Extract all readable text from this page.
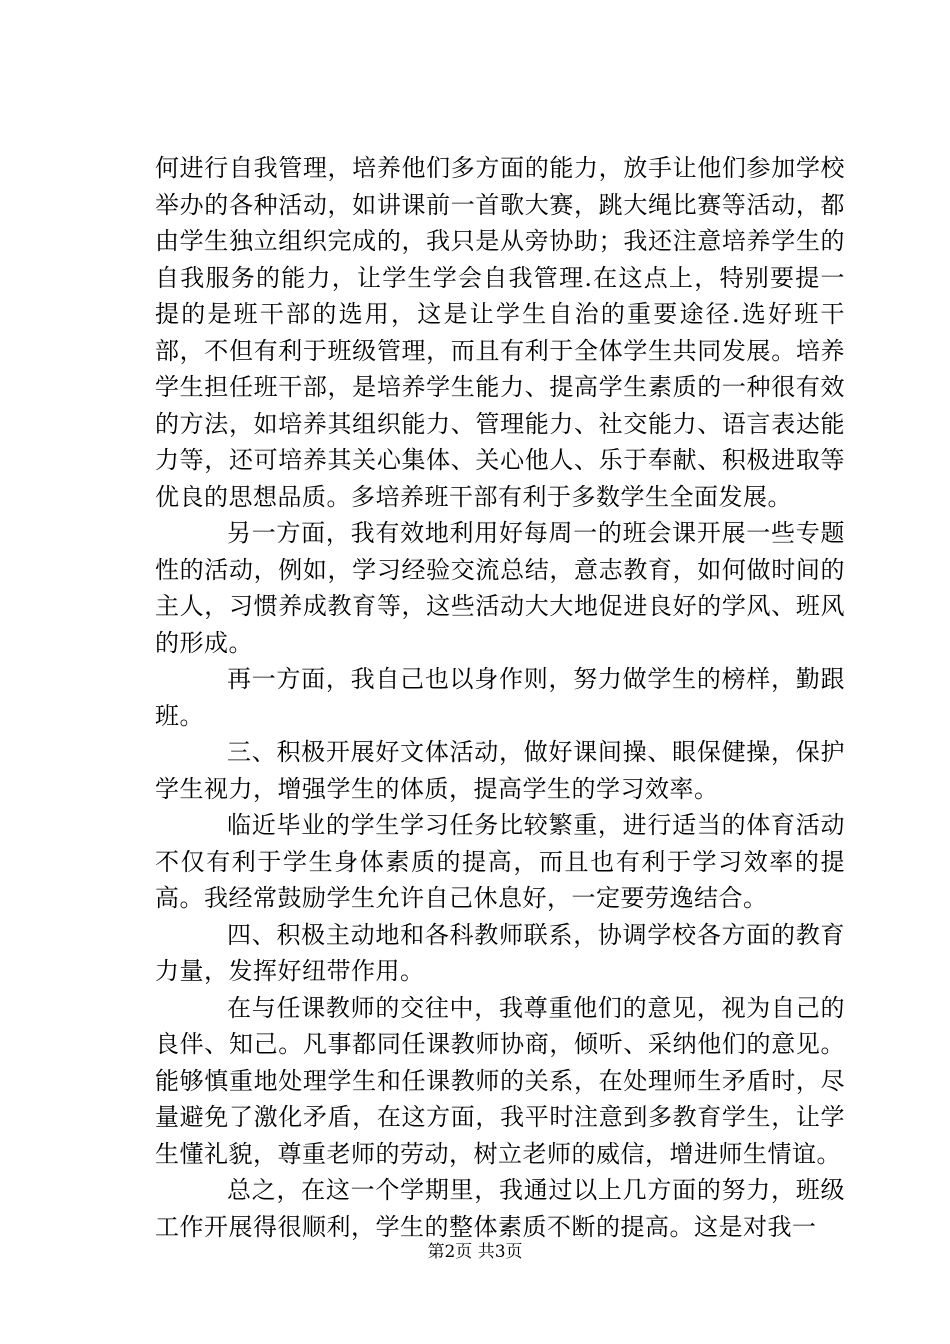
何进行自我管理，培养他们多方面的能力，放手让他们参加学校举办的各种活动，如讲课前一首歌大赛，跳大绳比赛等活动，都由学生独立组织完成的，我只是从旁协助；我还注意培养学生的自我服务的能力，让学生学会自我管理.在这点上，特别要提一提的是班干部的选用，这是让学生自治的重要途径.选好班干部，不但有利于班级管理，而且有利于全体学生共同发展。培养学生担任班干部，是培养学生能力、提高学生素质的一种很有效的方法，如培养其组织能力、管理能力、社交能力、语言表达能力等，还可培养其关心集体、关心他人、乐于奉献、积极进取等优良的思想品质。多培养班干部有利于多数学生全面发展。

另一方面，我有效地利用好每周一的班会课开展一些专题性的活动，例如，学习经验交流总结，意志教育，如何做时间的主人，习惯养成教育等，这些活动大大地促进良好的学风、班风的形成。

再一方面，我自己也以身作则，努力做学生的榜样，勤跟班。

三、积极开展好文体活动，做好课间操、眼保健操，保护学生视力，增强学生的体质，提高学生的学习效率。

临近毕业的学生学习任务比较繁重，进行适当的体育活动不仅有利于学生身体素质的提高，而且也有利于学习效率的提高。我经常鼓励学生允许自己休息好，一定要劳逸结合。

四、积极主动地和各科教师联系，协调学校各方面的教育力量，发挥好纽带作用。

在与任课教师的交往中，我尊重他们的意见，视为自己的良伴、知己。凡事都同任课教师协商，倾听、采纳他们的意见。能够慎重地处理学生和任课教师的关系，在处理师生矛盾时，尽量避免了激化矛盾，在这方面，我平时注意到多教育学生，让学生懂礼貌，尊重老师的劳动，树立老师的威信，增进师生情谊。

总之，在这一个学期里，我通过以上几方面的努力，班级工作开展得很顺利，学生的整体素质不断的提高。这是对我一

第2页 共3页
